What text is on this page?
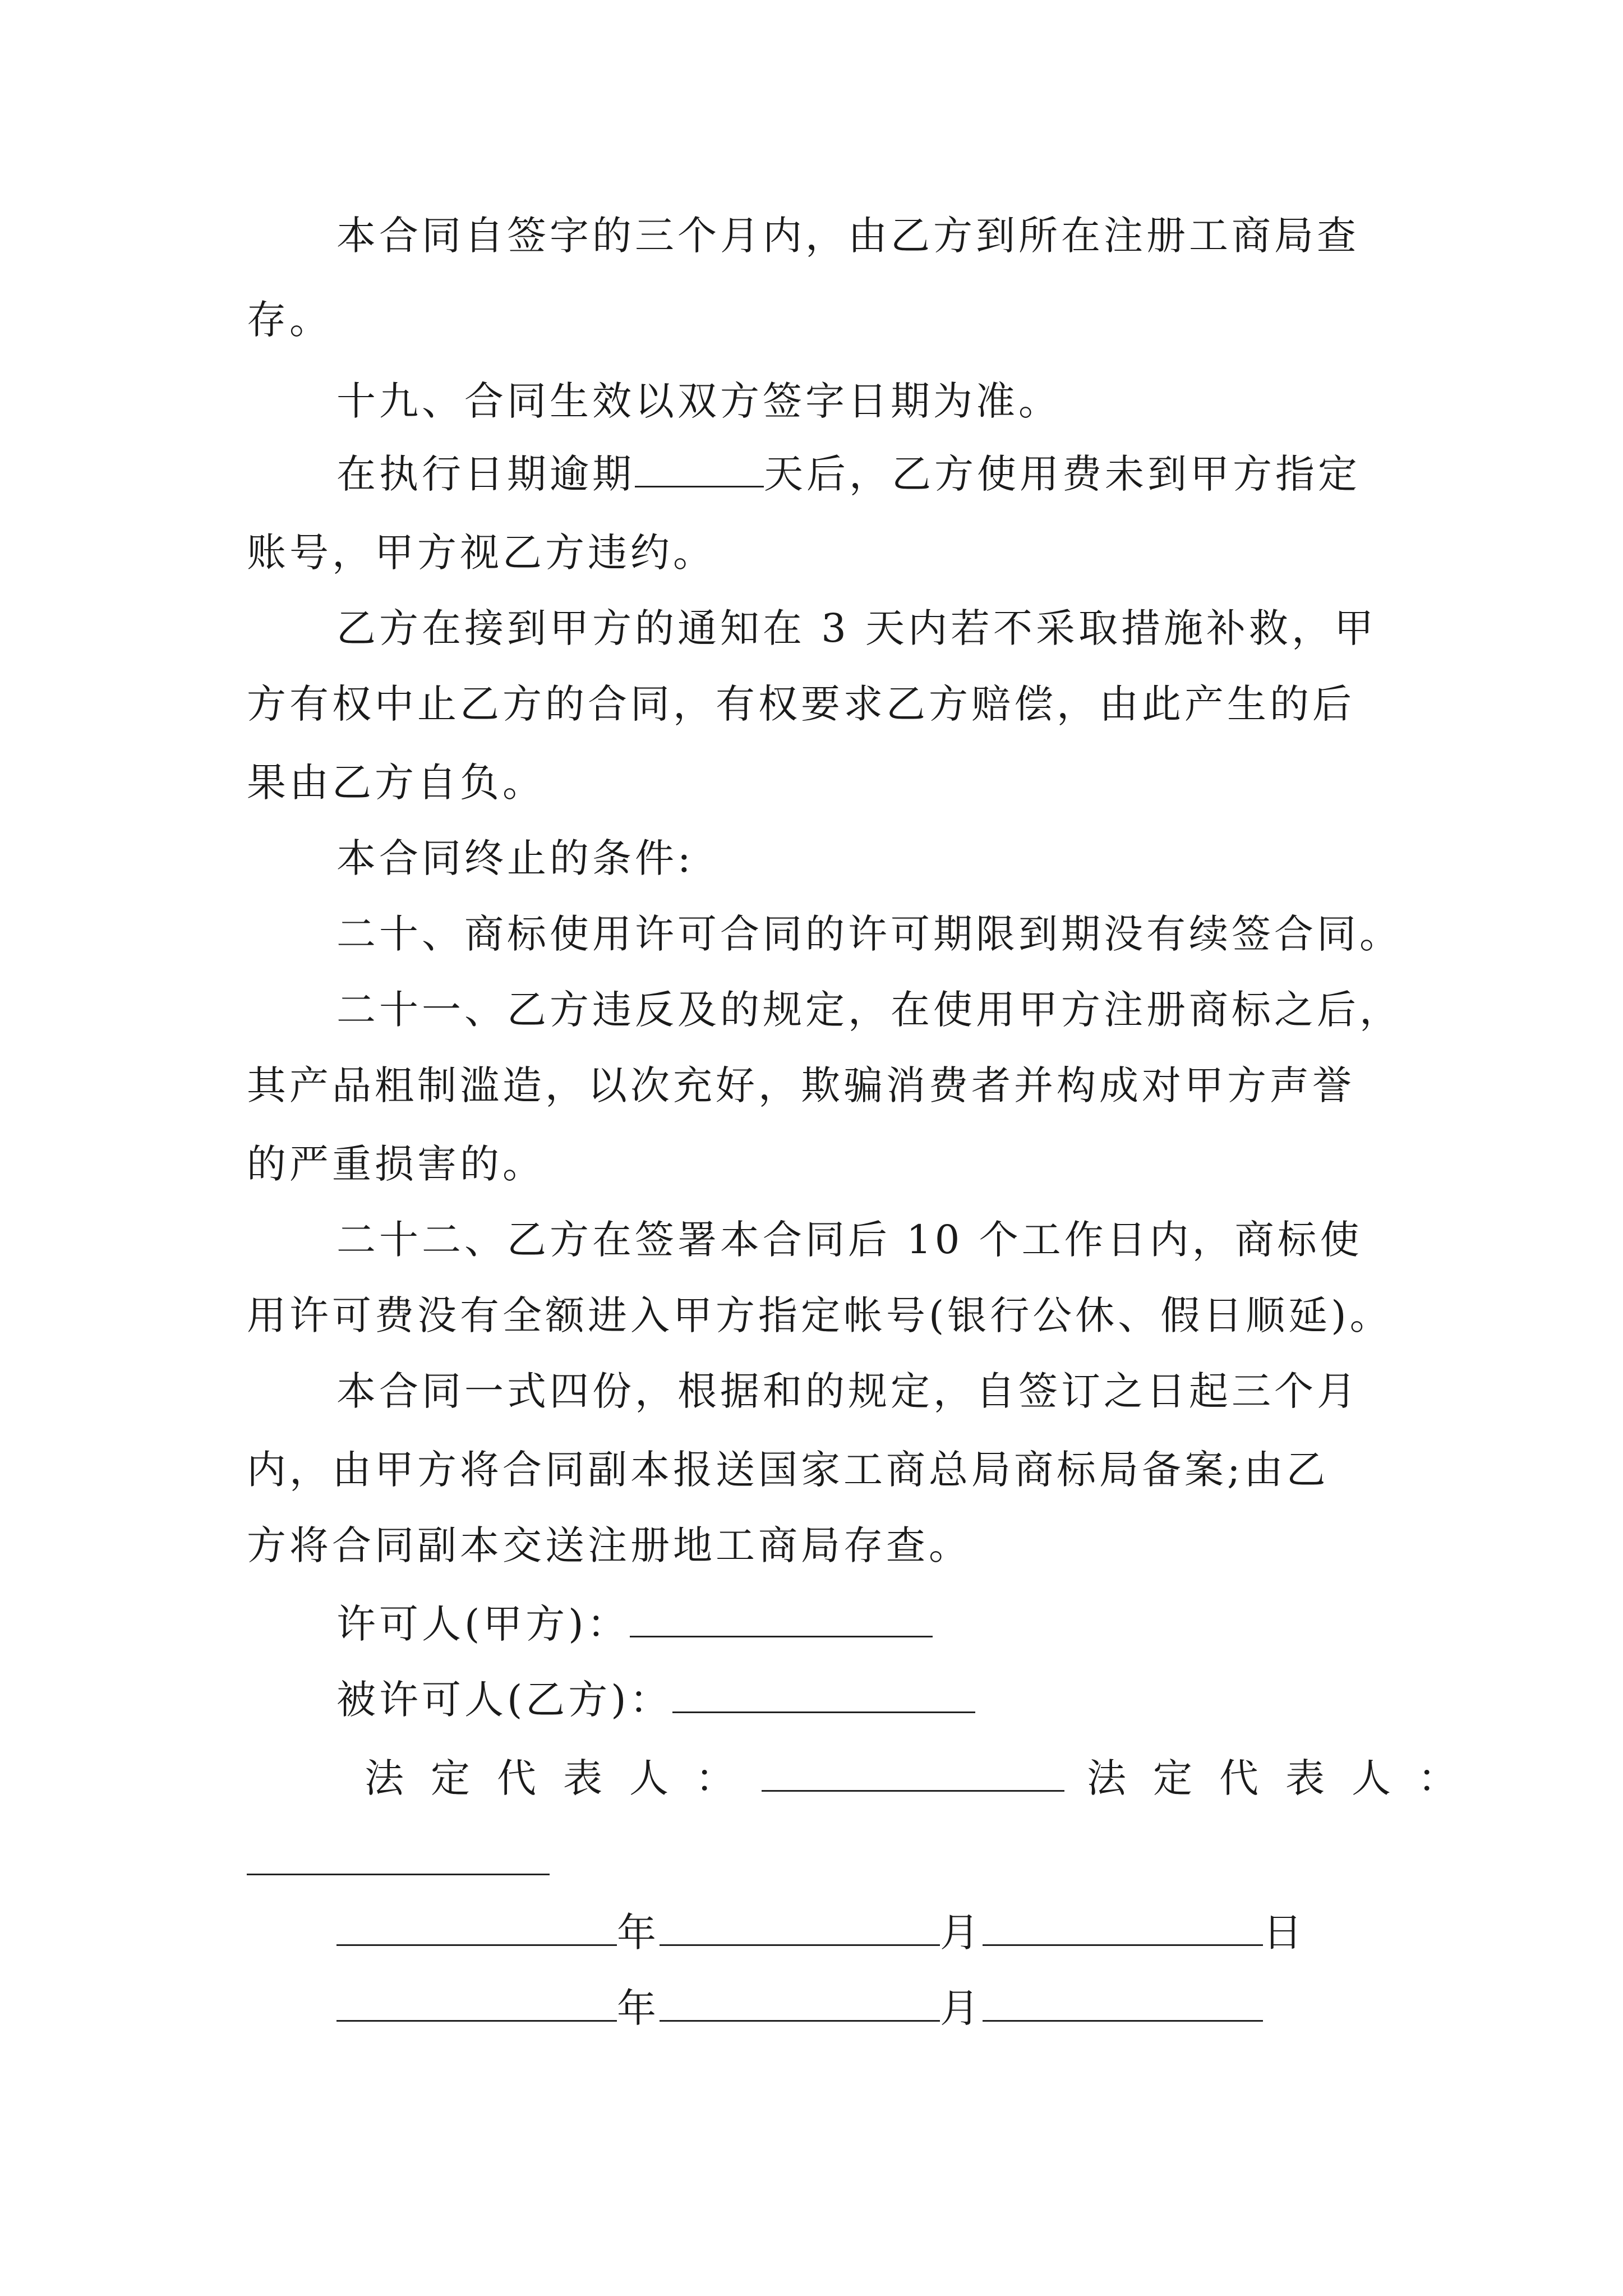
本合同自签字的三个月内，由乙方到所在注册工商局查
存。
十九、合同生效以双方签字日期为准。
在执行日期逾期	天后，乙方使用费未到甲方指定
账号，甲方视乙方违约。
乙方在接到甲方的通知在 3 天内若不采取措施补救，甲
方有权中止乙方的合同，有权要求乙方赔偿，由此产生的后
果由乙方自负。
本合同终止的条件:
二十、商标使用许可合同的许可期限到期没有续签合同。
二十一、乙方违反及的规定，在使用甲方注册商标之后，
其产品粗制滥造，以次充好，欺骗消费者并构成对甲方声誉
的严重损害的。
二十二、乙方在签署本合同后 10 个工作日内，商标使
用许可费没有全额进入甲方指定帐号(银行公休、假日顺延)。
本合同一式四份，根据和的规定，自签订之日起三个月
内，由甲方将合同副本报送国家工商总局商标局备案;由乙
方将合同副本交送注册地工商局存查。
许可人(甲方)：
被许可人(乙方)：
法定代表人：	法定代表人：
年	月	日
年	月
